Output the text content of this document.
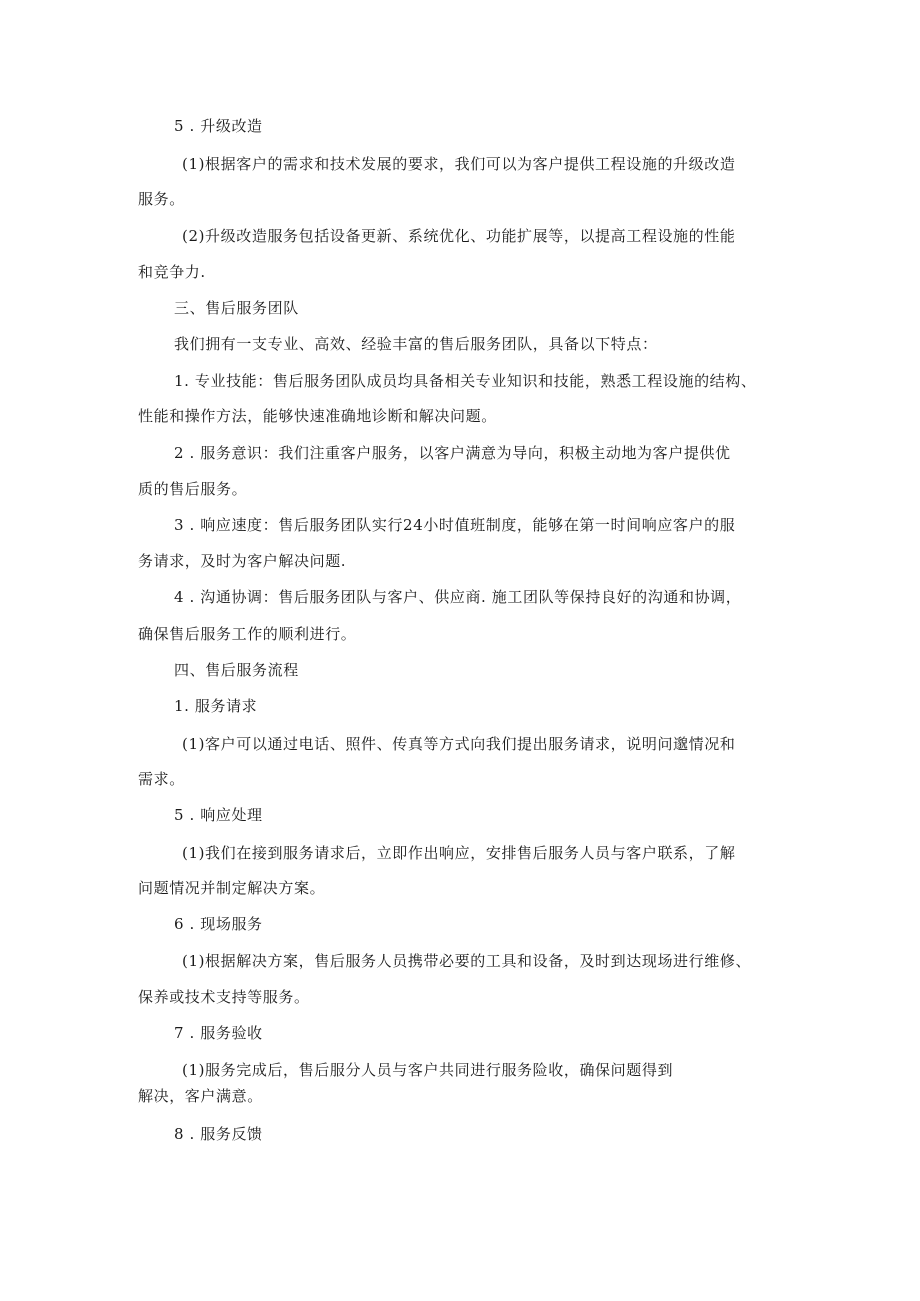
5 . 升级改造
(1)根据客户的需求和技术发展的要求，我们可以为客户提供工程设施的升级改造
服务。
(2)升级改造服务包括设备更新、系统优化、功能扩展等，以提高工程设施的性能
和竞争力.
三、售后服务团队
我们拥有一支专业、高效、经验丰富的售后服务团队，具备以下特点：
1. 专业技能：售后服务团队成员均具备相关专业知识和技能，熟悉工程设施的结构、
性能和操作方法，能够快速准确地诊断和解决问题。
2 . 服务意识：我们注重客户服务，以客户满意为导向，积极主动地为客户提供优
质的售后服务。
3 . 响应速度：售后服务团队实行24小时值班制度，能够在第一时间响应客户的服
务请求，及时为客户解决问题.
4 . 沟通协调：售后服务团队与客户、供应商. 施工团队等保持良好的沟通和协调，
确保售后服务工作的顺利进行。
四、售后服务流程
1. 服务请求
(1)客户可以通过电话、照件、传真等方式向我们提出服务请求，说明问邈情况和
需求。
5 . 响应处理
(1)我们在接到服务请求后，立即作出响应，安排售后服务人员与客户联系，了解
问题情况并制定解决方案。
6 . 现场服务
(1)根据解决方案，售后服务人员携带必要的工具和设备，及时到达现场进行维修、
保养或技术支持等服务。
7 . 服务验收
(1)服务完成后，售后服分人员与客户共同进行服务险收，确保问题得到
解决，客户满意。
8 . 服务反馈
